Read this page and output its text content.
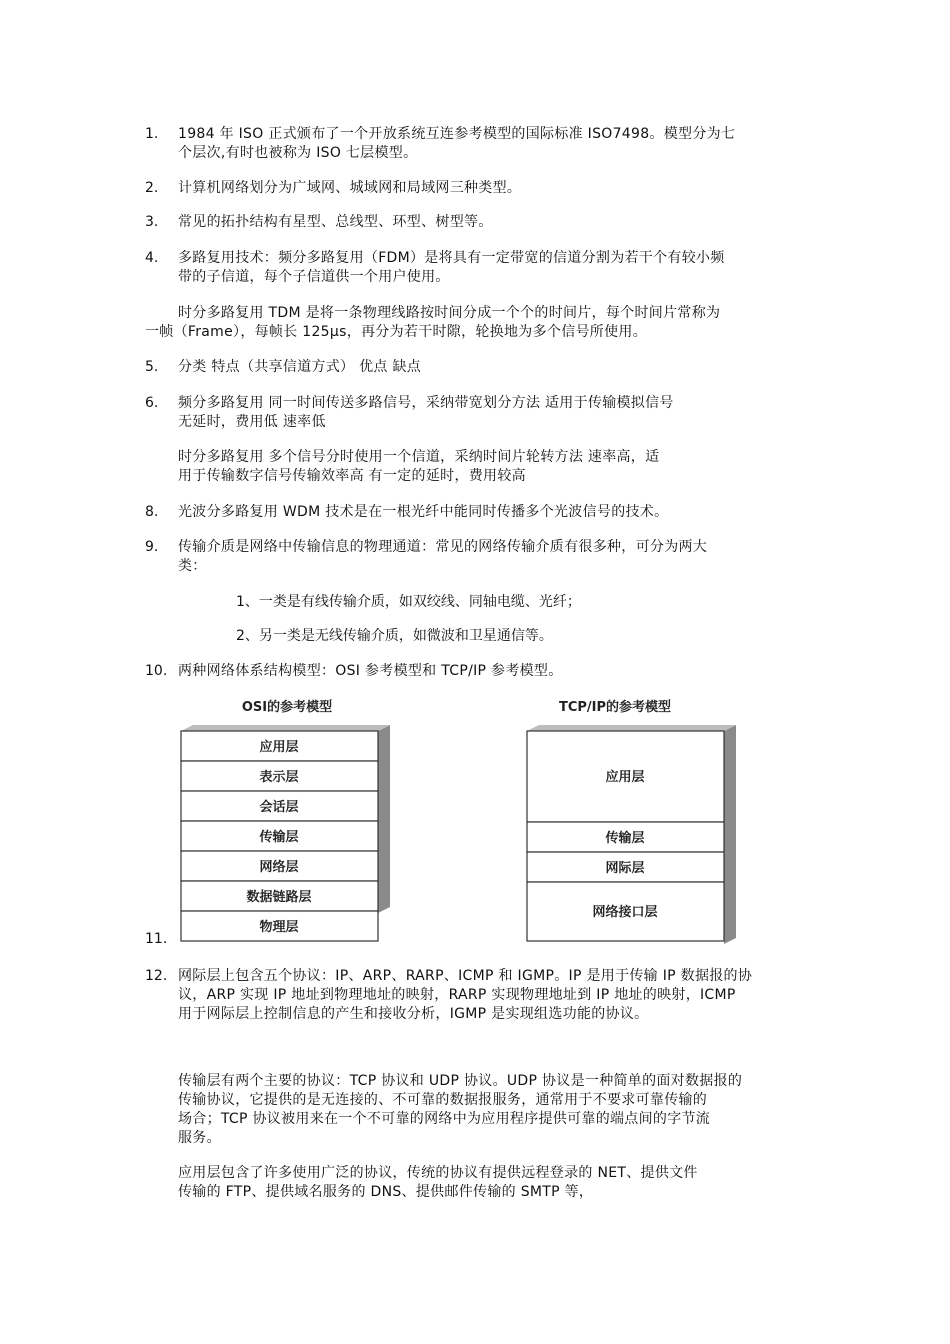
1. 1984 年 ISO 正式颁布了一个开放系统互连参考模型的国际标准 ISO7498。模型分为七
个层次,有时也被称为 ISO 七层模型。
2. 计算机网络划分为广域网、城域网和局域网三种类型。
3. 常见的拓扑结构有星型、总线型、环型、树型等。
4. 多路复用技术：频分多路复用（FDM）是将具有一定带宽的信道分割为若干个有较小频
带的子信道，每个子信道供一个用户使用。
时分多路复用 TDM 是将一条物理线路按时间分成一个个的时间片，每个时间片常称为
一帧（Frame），每帧长 125μs，再分为若干时隙，轮换地为多个信号所使用。
5. 分类 特点（共享信道方式） 优点 缺点
6. 频分多路复用 同一时间传送多路信号，采纳带宽划分方法 适用于传输模拟信号
无延时，费用低 速率低
时分多路复用 多个信号分时使用一个信道，采纳时间片轮转方法 速率高，适
用于传输数字信号传输效率高 有一定的延时，费用较高
8. 光波分多路复用 WDM 技术是在一根光纤中能同时传播多个光波信号的技术。
9. 传输介质是网络中传输信息的物理通道：常见的网络传输介质有很多种，可分为两大
类：
1、一类是有线传输介质，如双绞线、同轴电缆、光纤；
2、另一类是无线传输介质，如微波和卫星通信等。
10. 两种网络体系结构模型：OSI 参考模型和 TCP/IP 参考模型。
OSI的参考模型
应用层
表示层
会话层
传输层
网络层
数据链路层
物理层
TCP/IP的参考模型
应用层
传输层
网际层
网络接口层
11.
12. 网际层上包含五个协议：IP、ARP、RARP、ICMP 和 IGMP。IP 是用于传输 IP 数据报的协
议，ARP 实现 IP 地址到物理地址的映射，RARP 实现物理地址到 IP 地址的映射，ICMP
用于网际层上控制信息的产生和接收分析，IGMP 是实现组选功能的协议。
传输层有两个主要的协议：TCP 协议和 UDP 协议。UDP 协议是一种简单的面对数据报的
传输协议，它提供的是无连接的、不可靠的数据报服务，通常用于不要求可靠传输的
场合；TCP 协议被用来在一个不可靠的网络中为应用程序提供可靠的端点间的字节流
服务。
应用层包含了许多使用广泛的协议，传统的协议有提供远程登录的 NET、提供文件
传输的 FTP、提供域名服务的 DNS、提供邮件传输的 SMTP 等，
